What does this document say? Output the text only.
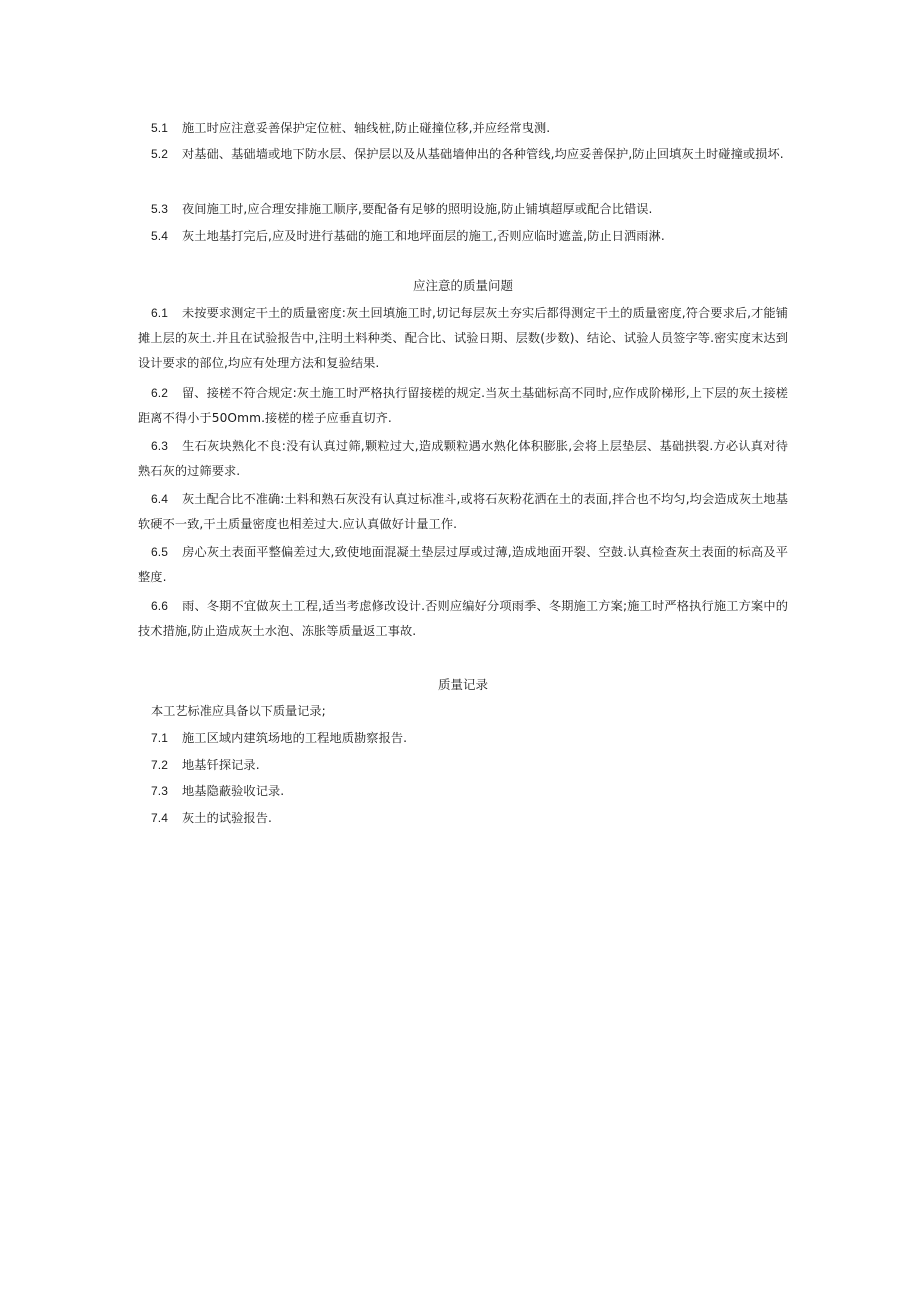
5.1 施工时应注意妥善保护定位桩、轴线桩,防止碰撞位移,并应经常曳测.

5.2 对基础、基础墙或地下防水层、保护层以及从基础墙伸出的各种管线,均应妥善保护,防止回填灰土时碰撞或损坏.

5.3 夜间施工时,应合理安排施工顺序,要配备有足够的照明设施,防止铺填超厚或配合比错误.

5.4 灰土地基打完后,应及时进行基础的施工和地坪面层的施工,否则应临时遮盖,防止日洒雨淋.

应注意的质量问题

6.1 未按要求测定干土的质量密度:灰土回填施工时,切记每层灰土夯实后都得测定干土的质量密度,符合要求后,才能铺摊上层的灰土.并且在试验报告中,注明土料种类、配合比、试验日期、层数(步数)、结论、试验人员签字等.密实度末达到设计要求的部位,均应有处理方法和复验结果.

6.2 留、接槎不符合规定:灰土施工时严格执行留接槎的规定.当灰土基础标高不同时,应作成阶梯形,上下层的灰土接槎距离不得小于50Omm.接槎的槎子应垂直切齐.

6.3 生石灰块熟化不良:没有认真过筛,颗粒过大,造成颗粒遇水熟化体积膨胀,会将上层垫层、基础拱裂.方必认真对待熟石灰的过筛要求.

6.4 灰土配合比不准确:土料和熟石灰没有认真过标准斗,或将石灰粉花洒在土的表面,拌合也不均匀,均会造成灰土地基软硬不一致,干土质量密度也相差过大.应认真做好计量工作.

6.5 房心灰土表面平整偏差过大,致使地面混凝土垫层过厚或过薄,造成地面开裂、空鼓.认真检查灰土表面的标高及平整度.

6.6 雨、冬期不宜做灰土工程,适当考虑修改设计.否则应编好分项雨季、冬期施工方案;施工时严格执行施工方案中的技术措施,防止造成灰土水泡、冻胀等质量返工事故.

质量记录

本工艺标准应具备以下质量记录;

7.1 施工区域内建筑场地的工程地质勘察报告.

7.2 地基钎探记录.

7.3 地基隐蔽验收记录.

7.4 灰土的试验报告.
